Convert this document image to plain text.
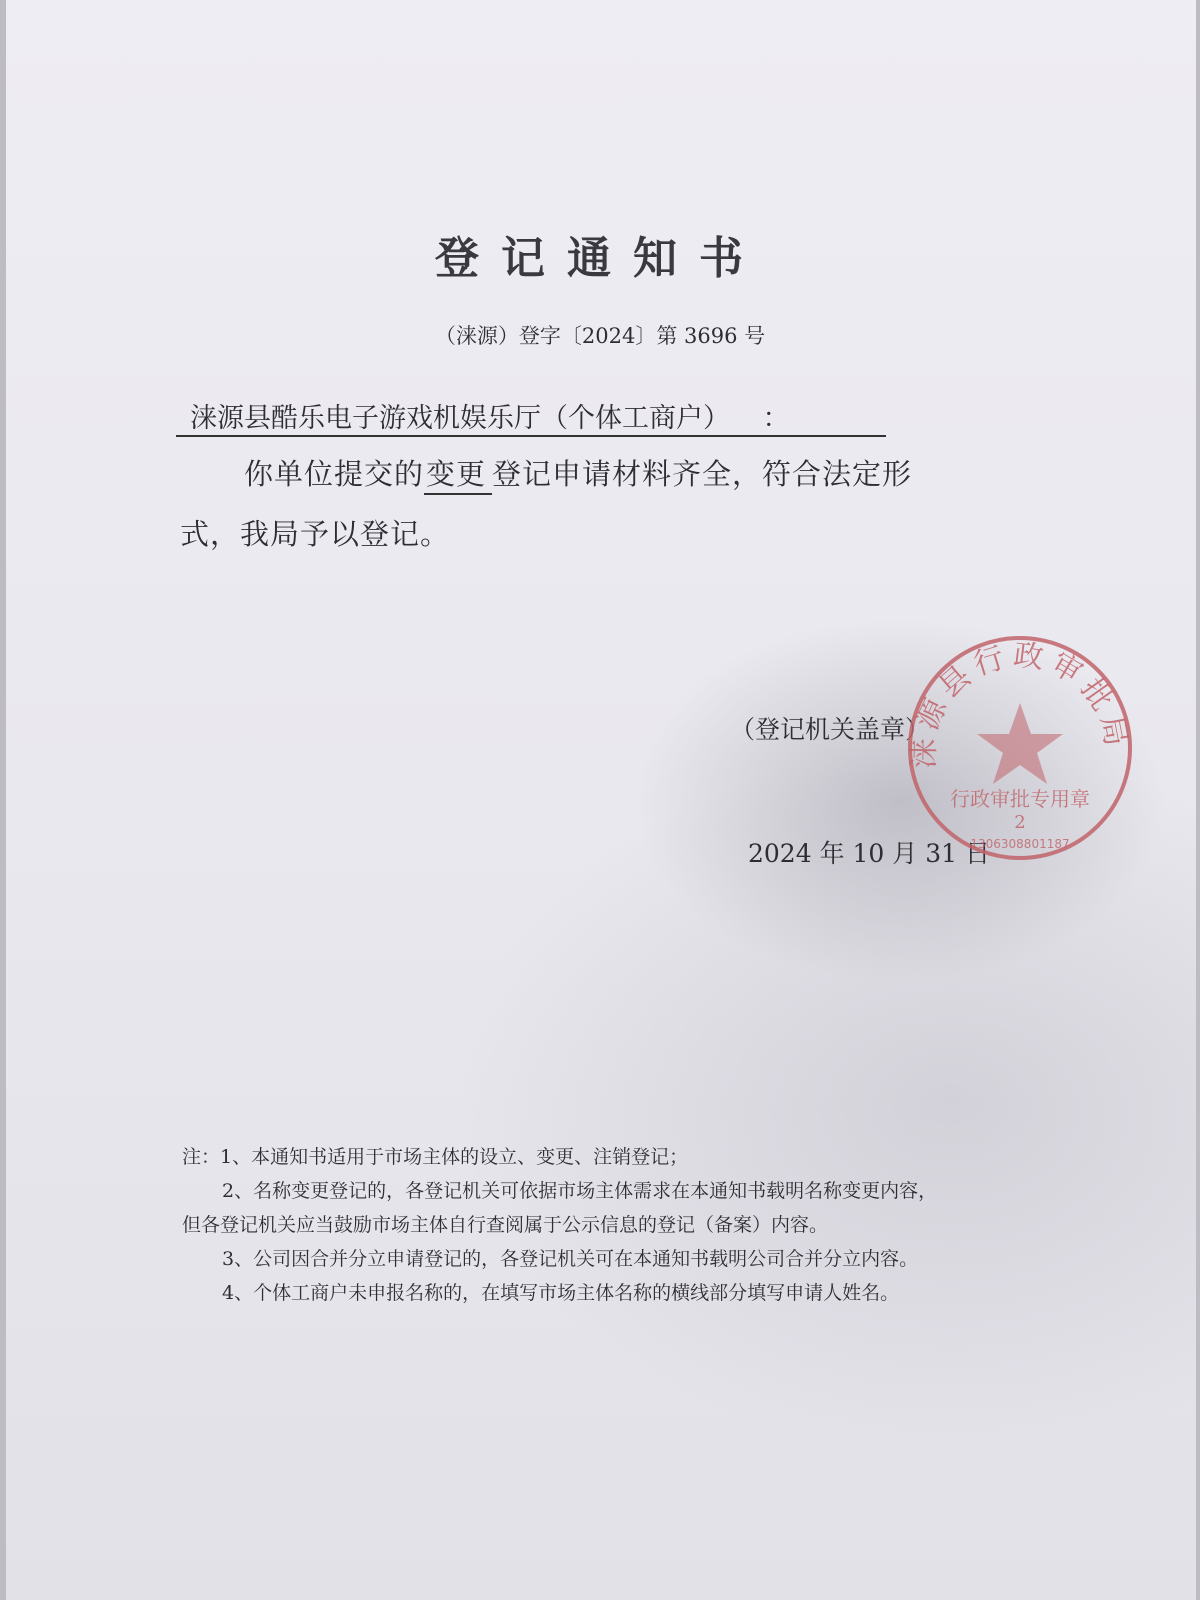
登记通知书
（涞源）登字〔2024〕第 3696 号
涞源县酷乐电子游戏机娱乐厅（个体工商户） ：
你单位提交的变更 登记申请材料齐全，符合法定形
式，我局予以登记。
（登记机关盖章）
2024 年 10 月 31 日
涞源县行政审批局
行政审批专用章
2
1306308801187
注：1、本通知书适用于市场主体的设立、变更、注销登记；
2、名称变更登记的，各登记机关可依据市场主体需求在本通知书载明名称变更内容，
但各登记机关应当鼓励市场主体自行查阅属于公示信息的登记（备案）内容。
3、公司因合并分立申请登记的，各登记机关可在本通知书载明公司合并分立内容。
4、个体工商户未申报名称的，在填写市场主体名称的横线部分填写申请人姓名。
